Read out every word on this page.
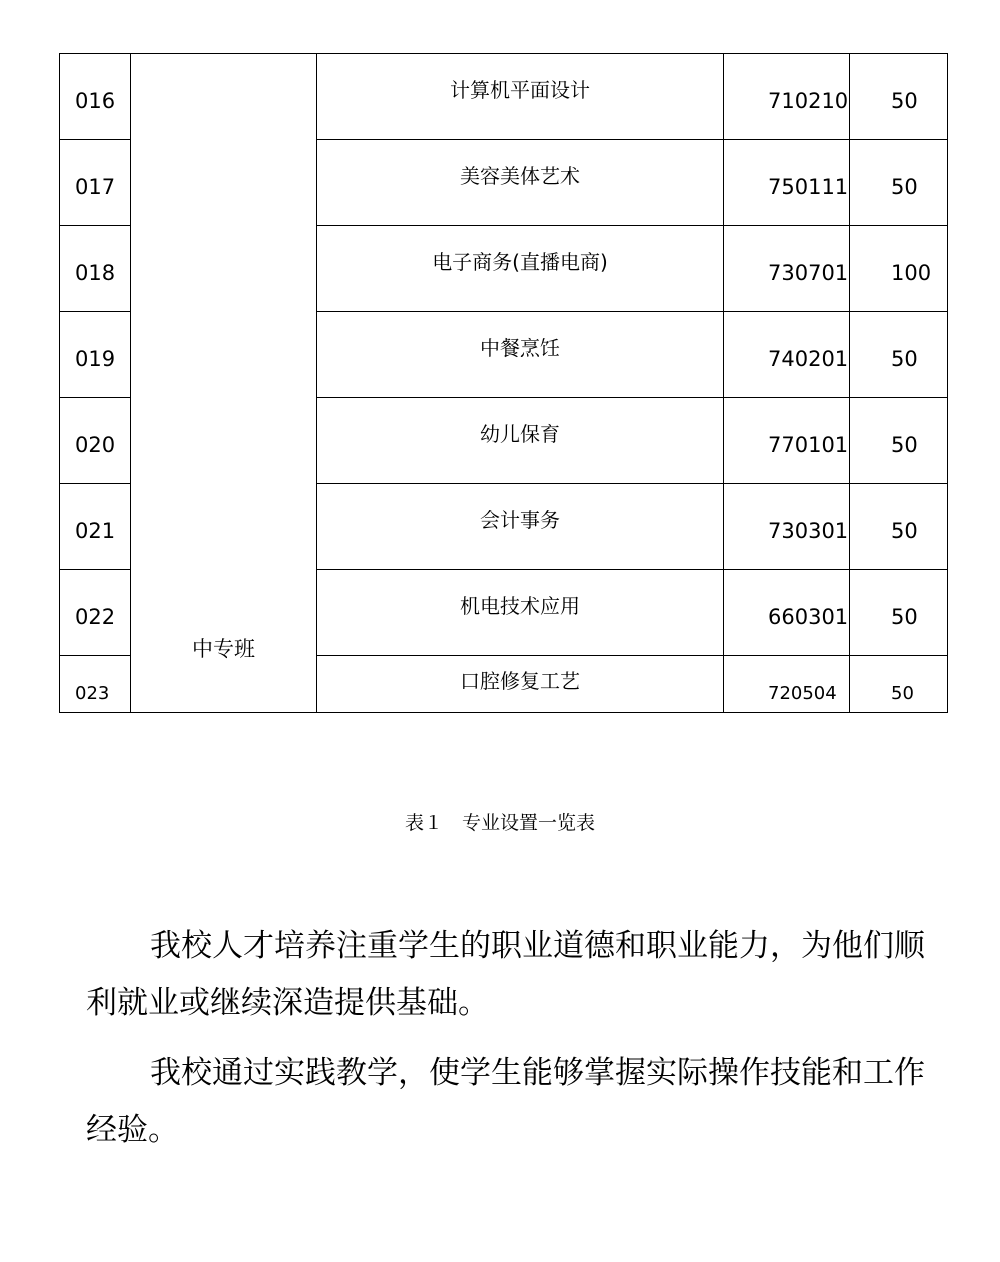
016	中专班	计算机平面设计	710210	50
017		美容美体艺术	750111	50
018		电子商务(直播电商)	730701	100
019		中餐烹饪	740201	50
020		幼儿保育	770101	50
021		会计事务	730301	50
022		机电技术应用	660301	50
023		口腔修复工艺	720504	50
表１　专业设置一览表

我校人才培养注重学生的职业道德和职业能力，为他们顺利就业或继续深造提供基础。

我校通过实践教学，使学生能够掌握实际操作技能和工作经验。
